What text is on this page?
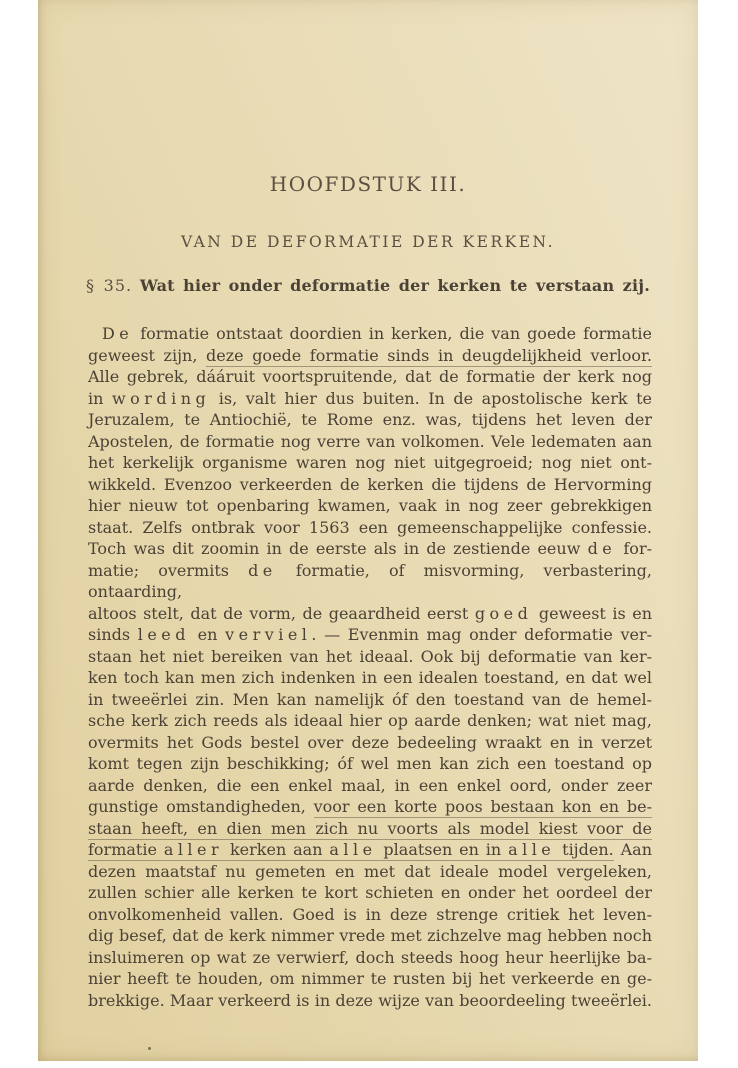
HOOFDSTUK III.
VAN DE DEFORMATIE DER KERKEN.
§ 35. Wat hier onder deformatie der kerken te verstaan zij.
De formatie ontstaat doordien in kerken, die van goede formatie
geweest zijn, deze goede formatie sinds in deugdelijkheid verloor.
Alle gebrek, dááruit voortspruitende, dat de formatie der kerk nog
in wording is, valt hier dus buiten. In de apostolische kerk te
Jeruzalem, te Antiochië, te Rome enz. was, tijdens het leven der
Apostelen, de formatie nog verre van volkomen. Vele ledematen aan
het kerkelijk organisme waren nog niet uitgegroeid; nog niet ont-
wikkeld. Evenzoo verkeerden de kerken die tijdens de Hervorming
hier nieuw tot openbaring kwamen, vaak in nog zeer gebrekkigen
staat. Zelfs ontbrak voor 1563 een gemeenschappelijke confessie.
Toch was dit zoomin in de eerste als in de zestiende eeuw de for-
matie; overmits de formatie, of misvorming, verbastering, ontaarding,
altoos stelt, dat de vorm, de geaardheid eerst goed geweest is en
sinds leed en verviel. — Evenmin mag onder deformatie ver-
staan het niet bereiken van het ideaal. Ook bij deformatie van ker-
ken toch kan men zich indenken in een idealen toestand, en dat wel
in tweeërlei zin. Men kan namelijk óf den toestand van de hemel-
sche kerk zich reeds als ideaal hier op aarde denken; wat niet mag,
overmits het Gods bestel over deze bedeeling wraakt en in verzet
komt tegen zijn beschikking; óf wel men kan zich een toestand op
aarde denken, die een enkel maal, in een enkel oord, onder zeer
gunstige omstandigheden, voor een korte poos bestaan kon en be-
staan heeft, en dien men zich nu voorts als model kiest voor de
formatie aller kerken aan alle plaatsen en in alle tijden. Aan
dezen maatstaf nu gemeten en met dat ideale model vergeleken,
zullen schier alle kerken te kort schieten en onder het oordeel der
onvolkomenheid vallen. Goed is in deze strenge critiek het leven-
dig besef, dat de kerk nimmer vrede met zichzelve mag hebben noch
insluimeren op wat ze verwierf, doch steeds hoog heur heerlijke ba-
nier heeft te houden, om nimmer te rusten bij het verkeerde en ge-
brekkige. Maar verkeerd is in deze wijze van beoordeeling tweeërlei.
